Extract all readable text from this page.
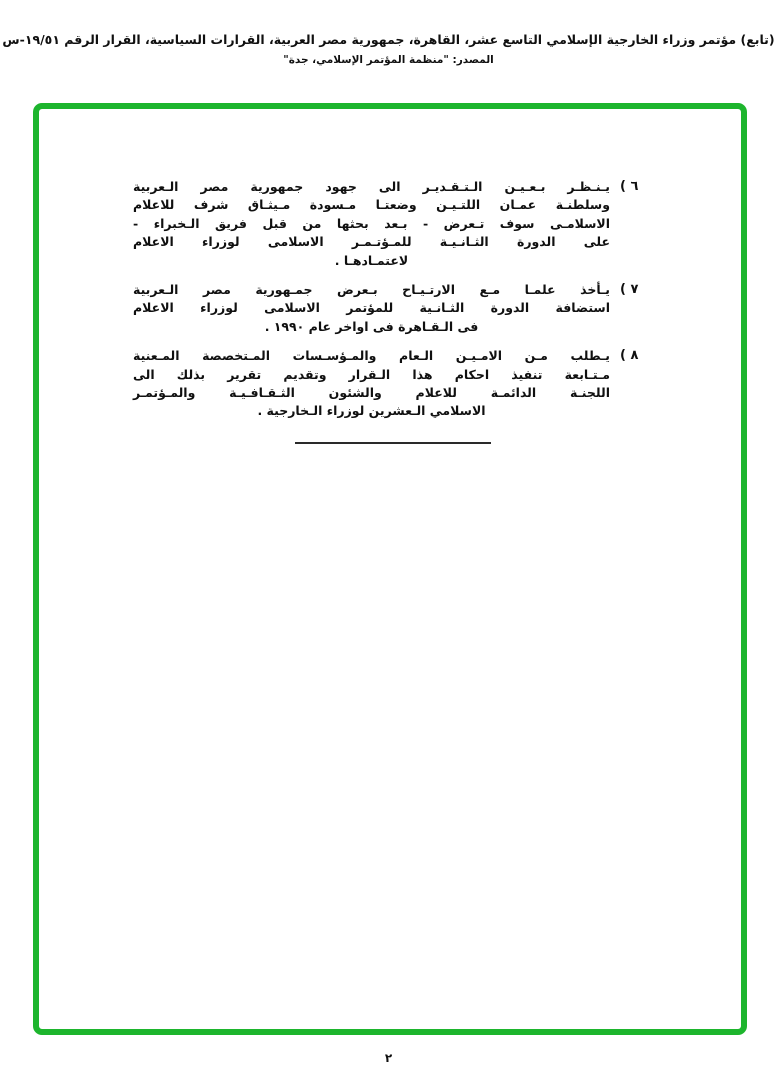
(تابع) مؤتمر وزراء الخارجية الإسلامي التاسع عشر، القاهرة، جمهورية مصر العربية، القرارات السياسية، القرار الرقم ١٩/٥١-س
المصدر: "منظمة المؤتمر الإسلامي، جدة"
( ٦
يـنـظـر بـعـيـن الـتـقـديـر الى جهود جمهورية مصر الـعربية
وسلطنـة عمـان اللتـيـن وضعتـا مـسودة مـيثـاق شرف للاعلام
الاسلامـى سوف تـعرض - بـعد بحثها من قبل فريق الـخبراء -
على الدورة الثـانـيـة للمـؤتـمـر الاسلامى لوزراء الاعلام
لاعتمـادهـا .
( ٧
يـأخذ علمـا مـع الارتـيـاح بـعرض جمـهورية مصر الـعربية
استضافة الدورة الثـانـية للمؤتمر الاسلامى لوزراء الاعلام
فى الـقـاهرة فى اواخر عام ١٩٩٠ .
( ٨
يـطلب مـن الامـيـن الـعام والمـؤسـسات المـتخصصة المـعنية
مـتـابعة تنفيذ احكام هذا الـقرار وتقديم تقرير بذلك الى
اللجنـة الدائمـة للاعلام والشئون الثـقـافـيـة والمـؤتمـر
الاسلامي الـعشرين لوزراء الـخارجية .
٢
